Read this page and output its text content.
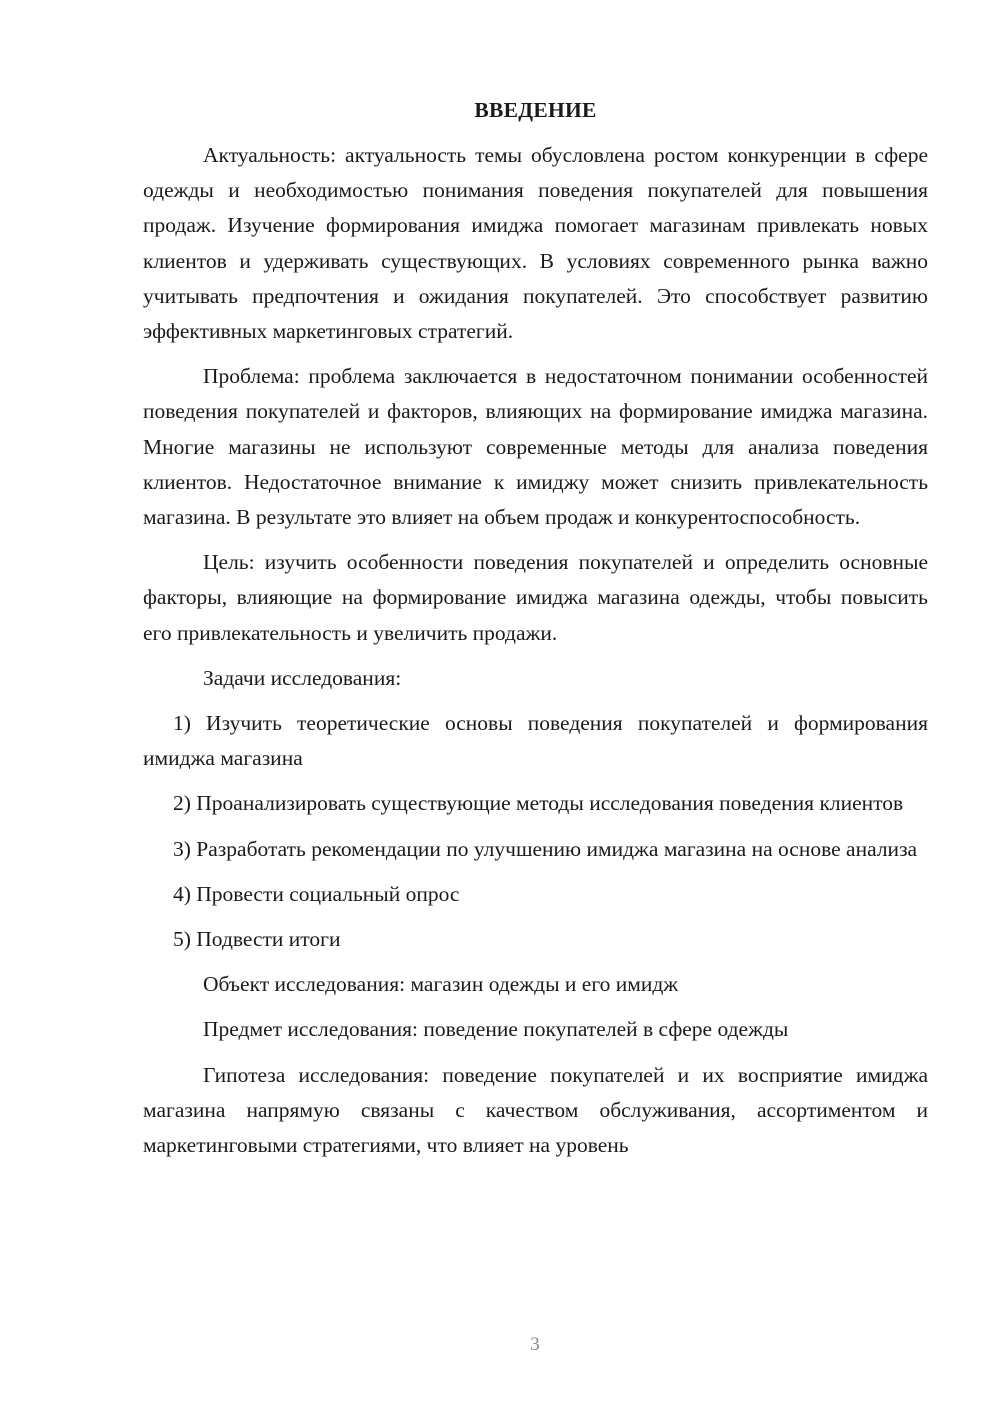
ВВЕДЕНИЕ

Актуальность: актуальность темы обусловлена ростом конкуренции в сфере одежды и необходимостью понимания поведения покупателей для повышения продаж. Изучение формирования имиджа помогает магазинам привлекать новых клиентов и удерживать существующих. В условиях современного рынка важно учитывать предпочтения и ожидания покупателей. Это способствует развитию эффективных маркетинговых стратегий.

Проблема: проблема заключается в недостаточном понимании особенностей поведения покупателей и факторов, влияющих на формирование имиджа магазина. Многие магазины не используют современные методы для анализа поведения клиентов. Недостаточное внимание к имиджу может снизить привлекательность магазина. В результате это влияет на объем продаж и конкурентоспособность.

Цель: изучить особенности поведения покупателей и определить основные факторы, влияющие на формирование имиджа магазина одежды, чтобы повысить его привлекательность и увеличить продажи.

Задачи исследования:

1) Изучить теоретические основы поведения покупателей и формирования имиджа магазина

2) Проанализировать существующие методы исследования поведения клиентов

3) Разработать рекомендации по улучшению имиджа магазина на основе анализа

4) Провести социальный опрос

5) Подвести итоги

Объект исследования: магазин одежды и его имидж

Предмет исследования: поведение покупателей в сфере одежды

Гипотеза исследования: поведение покупателей и их восприятие имиджа магазина напрямую связаны с качеством обслуживания, ассортиментом и маркетинговыми стратегиями, что влияет на уровень

3
